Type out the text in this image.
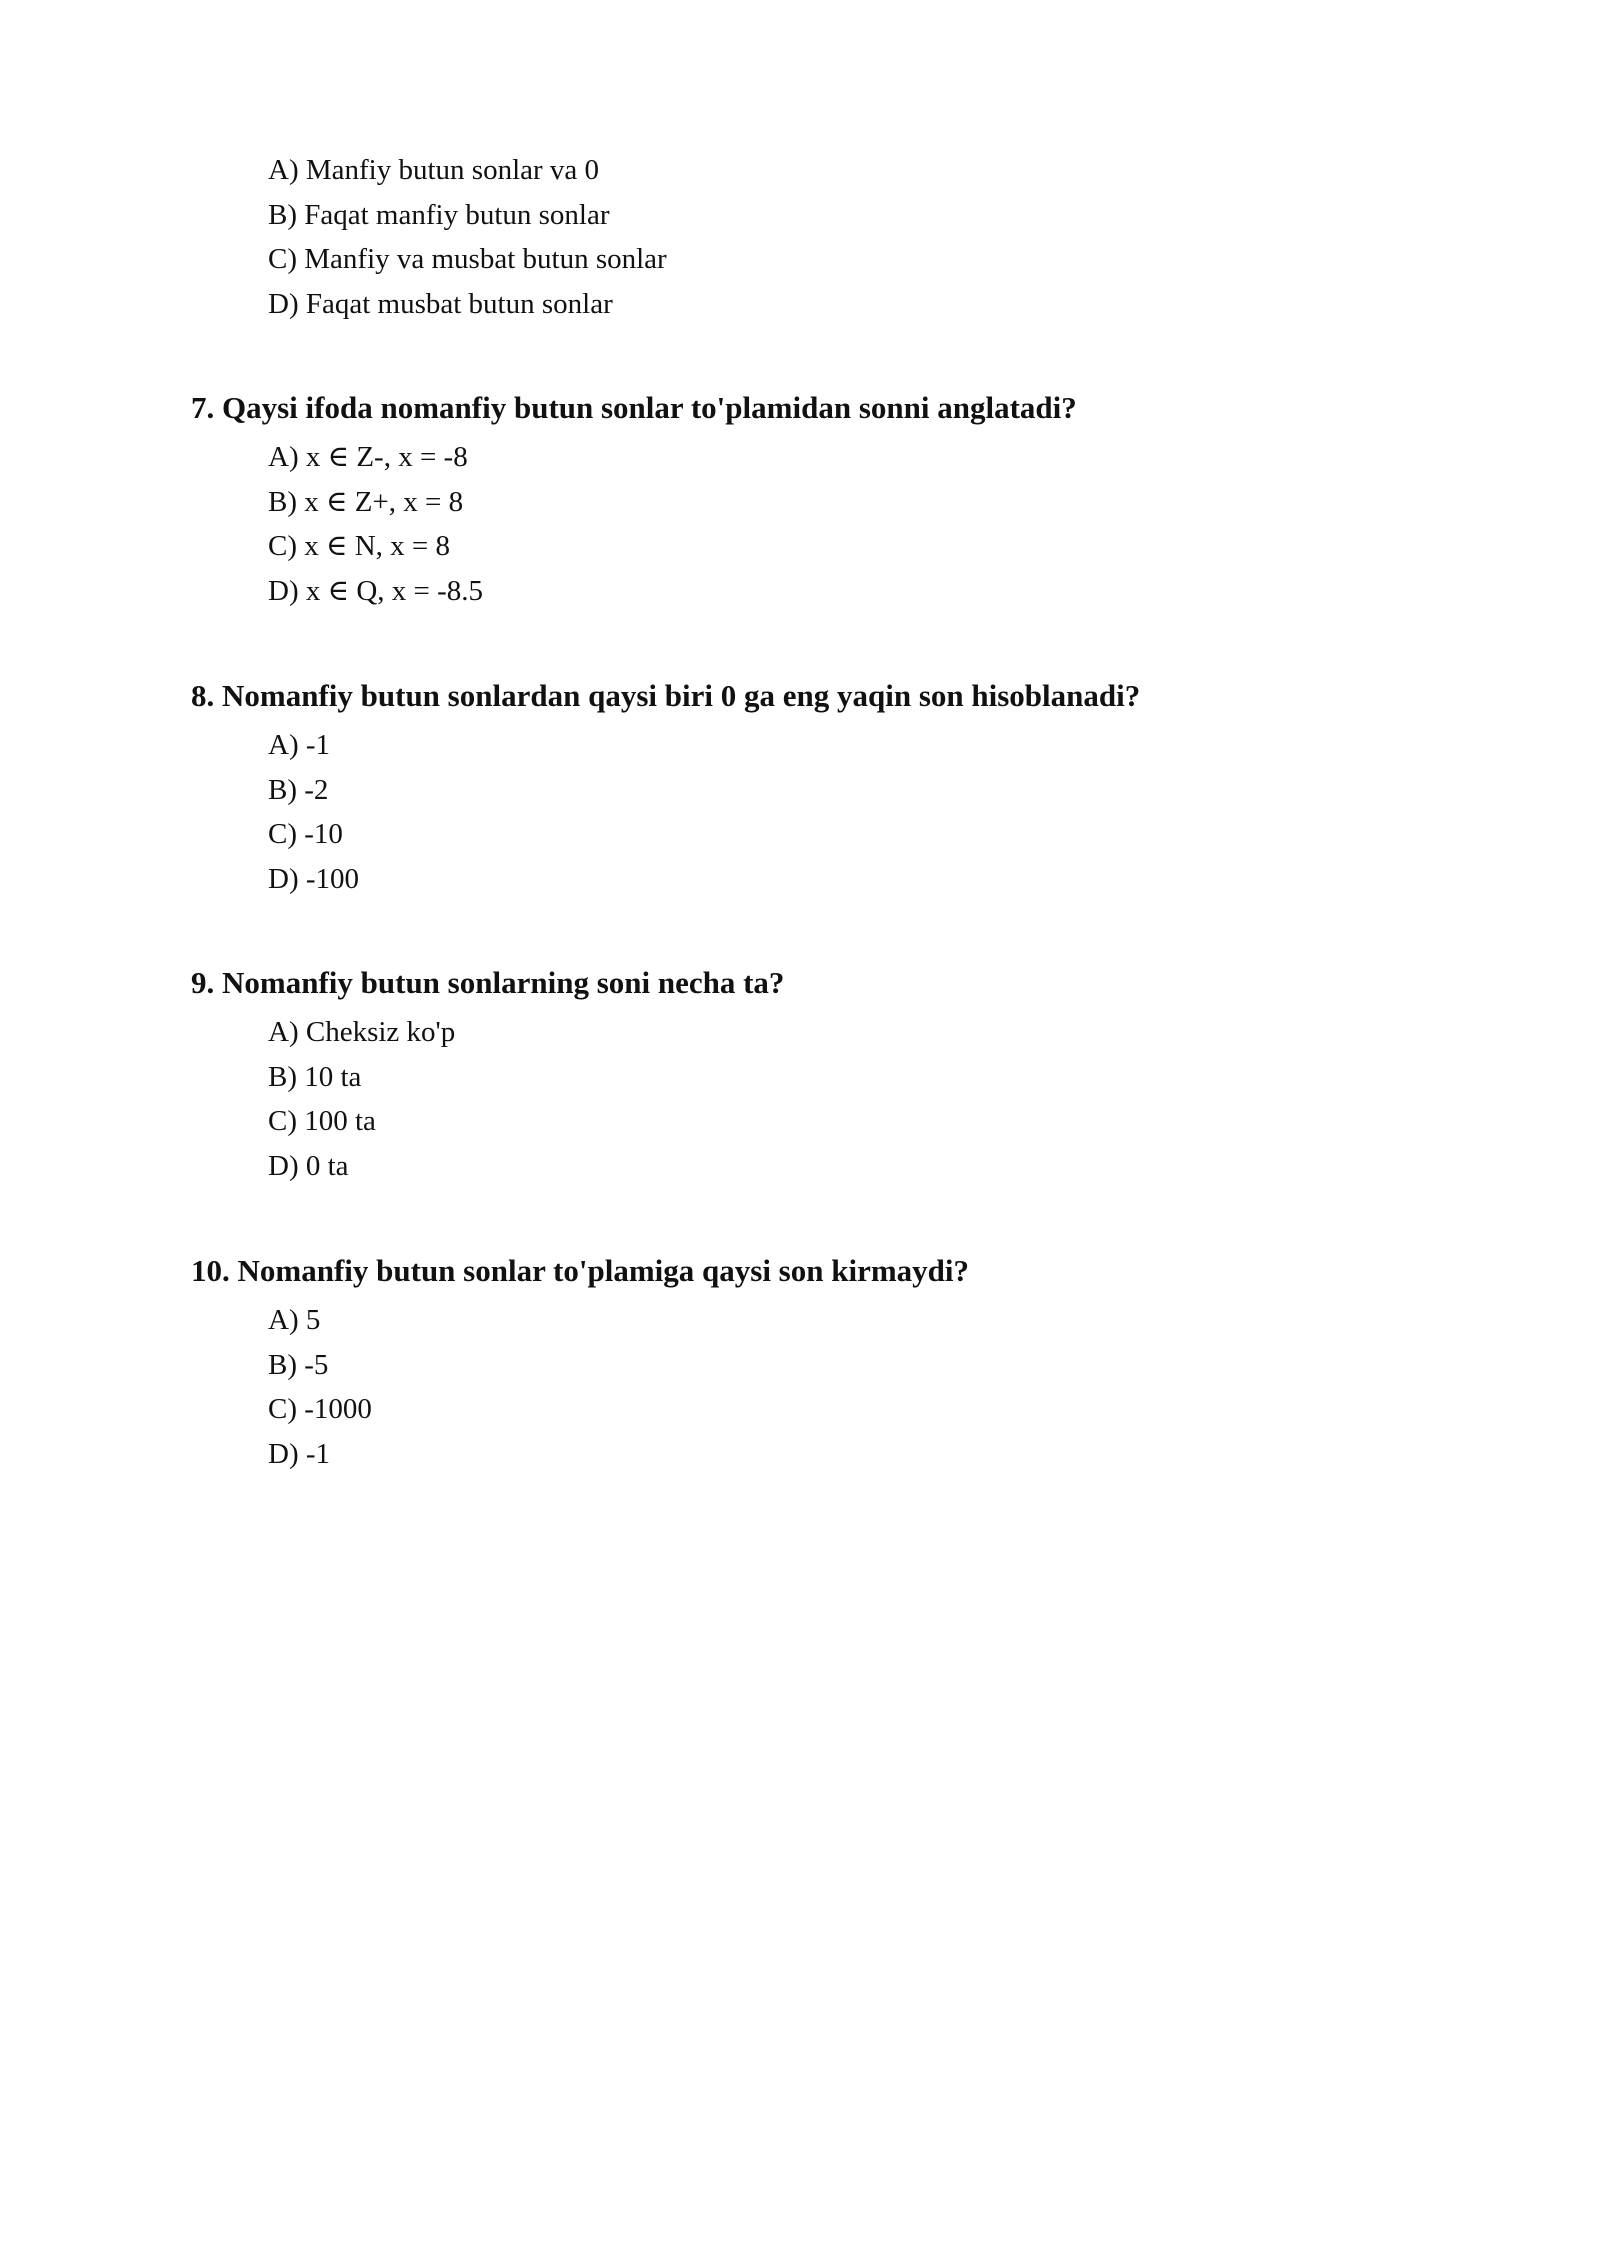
A) Manfiy butun sonlar va 0
B) Faqat manfiy butun sonlar
C) Manfiy va musbat butun sonlar
D) Faqat musbat butun sonlar
7. Qaysi ifoda nomanfiy butun sonlar to'plamidan sonni anglatadi?
A) x ∈ Z-, x = -8
B) x ∈ Z+, x = 8
C) x ∈ N, x = 8
D) x ∈ Q, x = -8.5
8. Nomanfiy butun sonlardan qaysi biri 0 ga eng yaqin son hisoblanadi?
A) -1
B) -2
C) -10
D) -100
9. Nomanfiy butun sonlarning soni necha ta?
A) Cheksiz ko'p
B) 10 ta
C) 100 ta
D) 0 ta
10. Nomanfiy butun sonlar to'plamiga qaysi son kirmaydi?
A) 5
B) -5
C) -1000
D) -1
